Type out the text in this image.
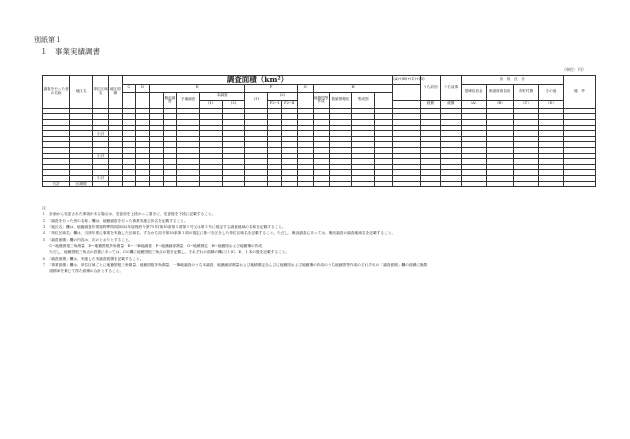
別紙第１
１　事業実績調書
（単位：円）
調査を行った者の名称	地区名	単位区域名	地区面積	調査面積（km²）															(A)+(B)+(C)+(D)	うち前回	うち前事	負　担　区　分				備　考
				C	D	E					F			G	H							国庫負担金	都道府県負担	市町村費	その他	
							概況調査	予備調査	本調査		(1)	(2)			地籍図等作成	数値情報化	集成図									
									(1)	(2)		F2−Ⅰ	F2−Ⅱ							経費	経費	（A）	（B）	（C）	（D）	

		小計																								

		小計																								

		小計																								
合計	区域数																									
注
１　計画から変更された事項がある場合は、変更前を上段かっこ書きに、変更後を下段に記載すること。
２　「調査を行った者の名称」欄は、地籍調査を行った事業実施主体名を記載すること。
３　「地区名」欄は、地籍調査作業規程準則(昭和32年総理府令第71号)第10条第１項第１号又は第２号に規定する調査地域の名称を記載すること。
４　「単位区域名」欄は、当該年度に事業を実施した区域名、すなわち同令第20条第１項の規定に基づき区分した単位区域名を記載すること。ただし、概況調査にあっては、概況調査の調査地域名を記載すること。
５　「調査面積」欄の内容は、次のとおりとすること。
　　C−地籍図根三角測量　D−地籍図根多角測量　E−一筆地調査　F−地籍細部測量　G−地積測定　H−地籍図および地籍簿の作成
　　ただし、地籍図根三角点の設置にあっては、Cの欄に地籍図根三角点の数を記載し、それぞれの面積の欄に(１)C、E、１本の数を記載すること。
６　「調査面積」欄は、実施した実調査面積を記載すること。
７　「事業面積」欄は、単位区域ごとに地籍図根三角測量、地籍図根多角測量、一筆地調査のうち本調査、地籍細部測量および地積測定ならびに地籍図および地籍簿の作成のうち地籍図等作成のそれぞれの「調査面積」欄の面積に換算
　　面積率を乗じて得た面積の合計とすること。
